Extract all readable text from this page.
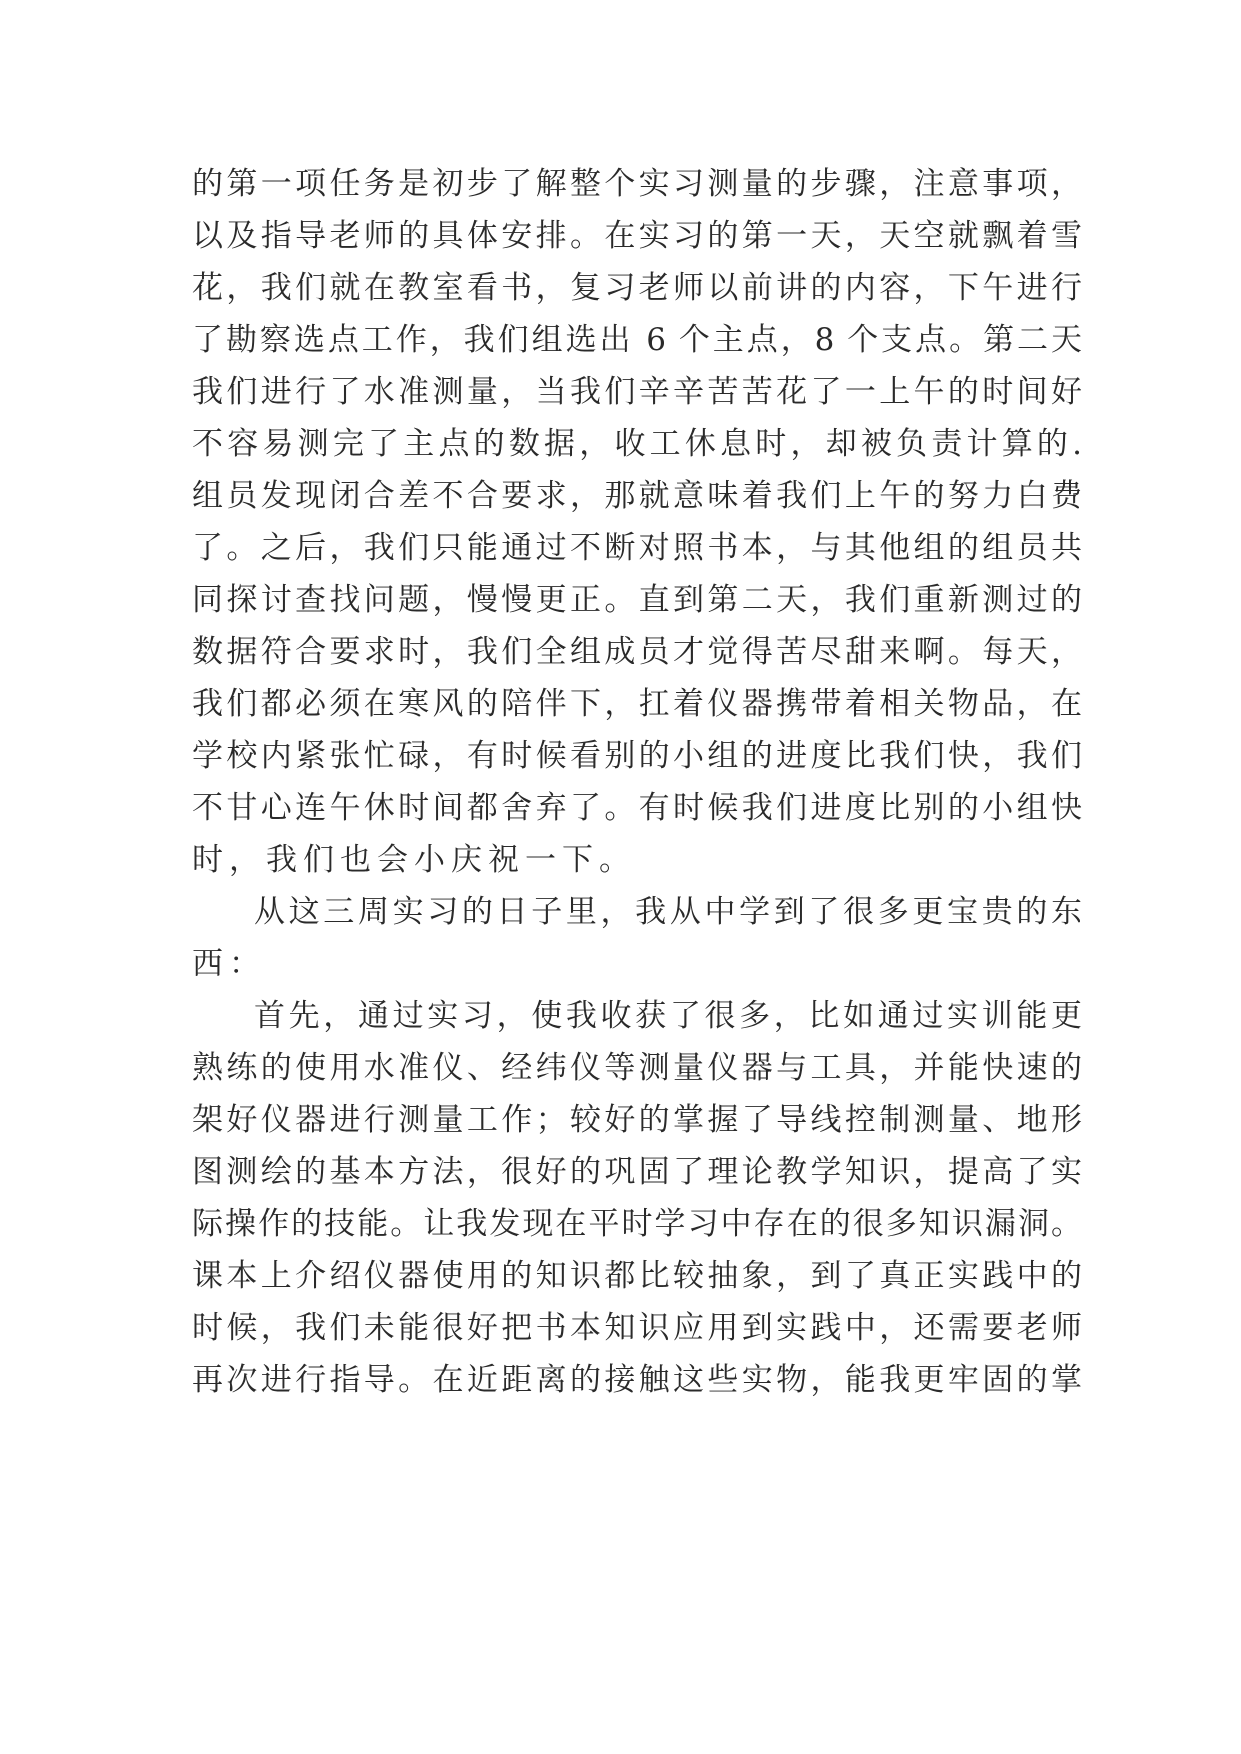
的第一项任务是初步了解整个实习测量的步骤，注意事项，
以及指导老师的具体安排。在实习的第一天，天空就飘着雪
花，我们就在教室看书，复习老师以前讲的内容，下午进行
了勘察选点工作，我们组选出 6 个主点，8 个支点。第二天
我们进行了水准测量，当我们辛辛苦苦花了一上午的时间好
不容易测完了主点的数据，收工休息时，却被负责计算的.
组员发现闭合差不合要求，那就意味着我们上午的努力白费
了。之后，我们只能通过不断对照书本，与其他组的组员共
同探讨查找问题，慢慢更正。直到第二天，我们重新测过的
数据符合要求时，我们全组成员才觉得苦尽甜来啊。每天，
我们都必须在寒风的陪伴下，扛着仪器携带着相关物品，在
学校内紧张忙碌，有时候看别的小组的进度比我们快，我们
不甘心连午休时间都舍弃了。有时候我们进度比别的小组快
时，我们也会小庆祝一下。
从这三周实习的日子里，我从中学到了很多更宝贵的东
西：
首先，通过实习，使我收获了很多，比如通过实训能更
熟练的使用水准仪、经纬仪等测量仪器与工具，并能快速的
架好仪器进行测量工作；较好的掌握了导线控制测量、地形
图测绘的基本方法，很好的巩固了理论教学知识，提高了实
际操作的技能。让我发现在平时学习中存在的很多知识漏洞。
课本上介绍仪器使用的知识都比较抽象，到了真正实践中的
时候，我们未能很好把书本知识应用到实践中，还需要老师
再次进行指导。在近距离的接触这些实物，能我更牢固的掌
